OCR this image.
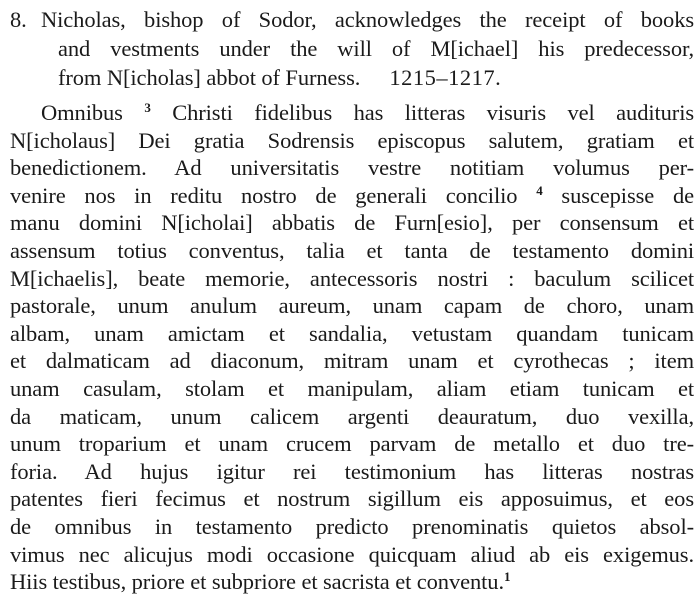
8. Nicholas, bishop of Sodor, acknowledges the receipt of books
and vestments under the will of M[ichael] his predecessor,
from N[icholas] abbot of Furness. 1215–1217.
Omnibus $^3$ Christi fidelibus has litteras visuris vel audituris
N[icholaus] Dei gratia Sodrensis episcopus salutem, gratiam et
benedictionem. Ad universitatis vestre notitiam volumus per-
venire nos in reditu nostro de generali concilio $^4$ suscepisse de
manu domini N[icholai] abbatis de Furn[esio], per consensum et
assensum totius conventus, talia et tanta de testamento domini
M[ichaelis], beate memorie, antecessoris nostri : baculum scilicet
pastorale, unum anulum aureum, unam capam de choro, unam
albam, unam amictam et sandalia, vetustam quandam tunicam
et dalmaticam ad diaconum, mitram unam et cyrothecas ; item
unam casulam, stolam et manipulam, aliam etiam tunicam et
da maticam, unum calicem argenti deauratum, duo vexilla,
unum troparium et unam crucem parvam de metallo et duo tre-
foria. Ad hujus igitur rei testimonium has litteras nostras
patentes fieri fecimus et nostrum sigillum eis apposuimus, et eos
de omnibus in testamento predicto prenominatis quietos absol-
vimus nec alicujus modi occasione quicquam aliud ab eis exigemus.
Hiis testibus, priore et subpriore et sacrista et conventu.$^1$
